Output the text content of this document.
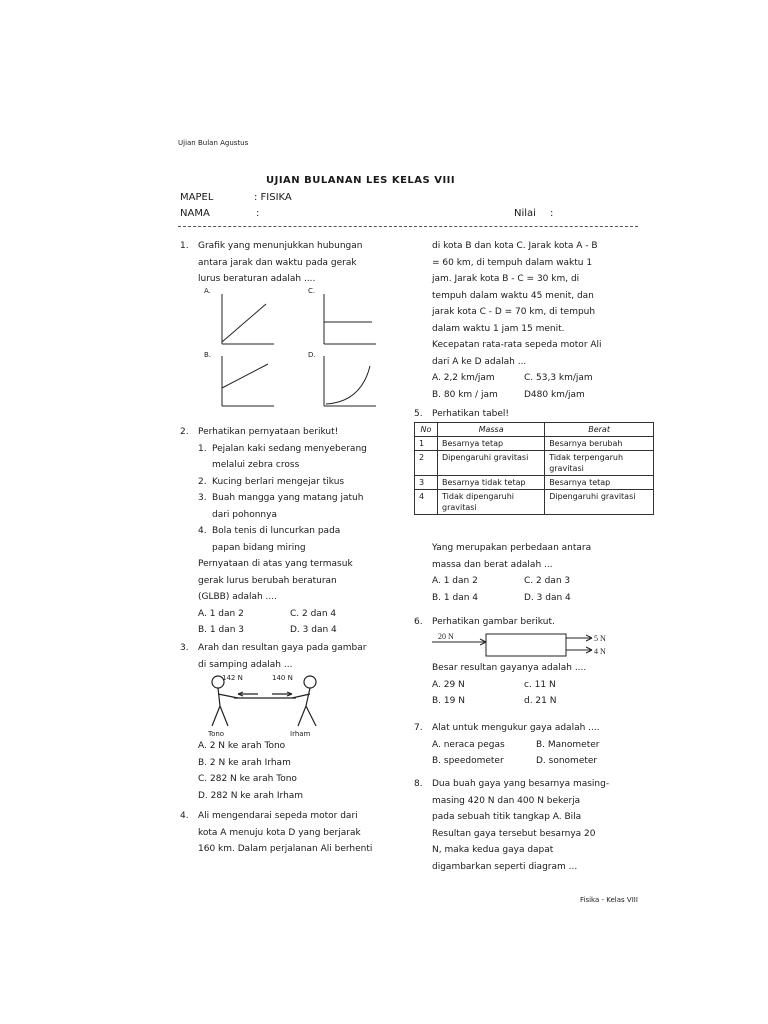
Ujian Bulan Agustus
UJIAN BULANAN LES KELAS VIII
MAPEL	: FISIKA
NAMA	:	Nilai :
1. Grafik yang menunjukkan hubungan
antara jarak dan waktu pada gerak
lurus beraturan adalah ....
A.	C.
B.	D.
2. Perhatikan pernyataan berikut!
1. Pejalan kaki sedang menyeberang
melalui zebra cross
2. Kucing berlari mengejar tikus
3. Buah mangga yang matang jatuh
dari pohonnya
4. Bola tenis di luncurkan pada
papan bidang miring
Pernyataan di atas yang termasuk
gerak lurus berubah beraturan
(GLBB) adalah ....
A. 1 dan 2	C. 2 dan 4
B. 1 dan 3	D. 3 dan 4
3. Arah dan resultan gaya pada gambar
di samping adalah ...
142 N	140 N
Tono	Irham
A. 2 N ke arah Tono
B. 2 N ke arah Irham
C. 282 N ke arah Tono
D. 282 N ke arah Irham
4. Ali mengendarai sepeda motor dari
kota A menuju kota D yang berjarak
160 km. Dalam perjalanan Ali berhenti
di kota B dan kota C. Jarak kota A - B
= 60 km, di tempuh dalam waktu 1
jam. Jarak kota B - C = 30 km, di
tempuh dalam waktu 45 menit, dan
jarak kota C - D = 70 km, di tempuh
dalam waktu 1 jam 15 menit.
Kecepatan rata-rata sepeda motor Ali
dari A ke D adalah ...
A. 2,2 km/jam	C. 53,3 km/jam
B. 80 km / jam	D480 km/jam
5. Perhatikan tabel!
No	Massa	Berat
1	Besarnya tetap	Besarnya berubah
2	Dipengaruhi gravitasi	Tidak terpengaruh gravitasi
3	Besarnya tidak tetap	Besarnya tetap
4	Tidak dipengaruhi gravitasi	Dipengaruhi gravitasi
Yang merupakan perbedaan antara
massa dan berat adalah ...
A. 1 dan 2	C. 2 dan 3
B. 1 dan 4	D. 3 dan 4
6. Perhatikan gambar berikut.
20 N	5 N
4 N
Besar resultan gayanya adalah ....
A. 29 N	c. 11 N
B. 19 N	d. 21 N
7. Alat untuk mengukur gaya adalah ....
A. neraca pegas	B. Manometer
B. speedometer	D. sonometer
8. Dua buah gaya yang besarnya masing-
masing 420 N dan 400 N bekerja
pada sebuah titik tangkap A. Bila
Resultan gaya tersebut besarnya 20
N, maka kedua gaya dapat
digambarkan seperti diagram ...
Fisika - Kelas VIII
